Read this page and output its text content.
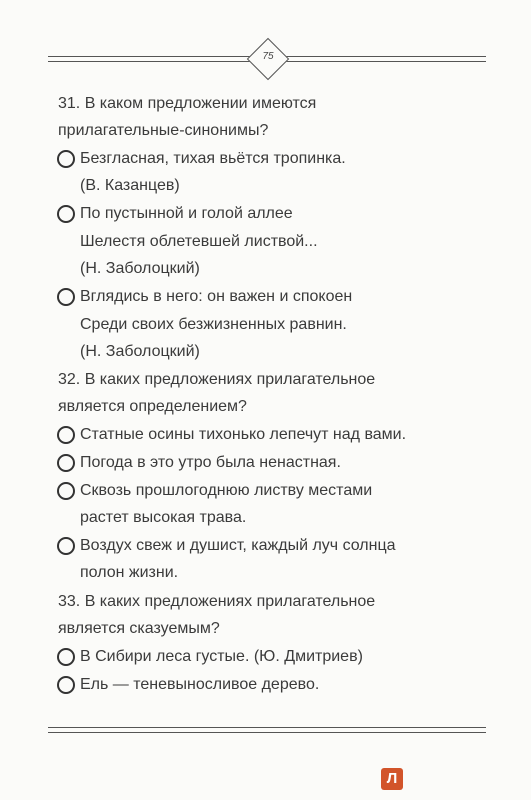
75
31. В каком предложении имеются
прилагательные-синонимы?
Безгласная, тихая вьётся тропинка.
(В. Казанцев)
По пустынной и голой аллее
Шелестя облетевшей листвой...
(Н. Заболоцкий)
Вглядись в него: он важен и спокоен
Среди своих безжизненных равнин.
(Н. Заболоцкий)
32. В каких предложениях прилагательное
является определением?
Статные осины тихонько лепечут над вами.
Погода в это утро была ненастная.
Сквозь прошлогоднюю листву местами
растет высокая трава.
Воздух свеж и душист, каждый луч солнца
полон жизни.
33. В каких предложениях прилагательное
является сказуемым?
В Сибири леса густые. (Ю. Дмитриев)
Ель — теневыносливое дерево.
Л
